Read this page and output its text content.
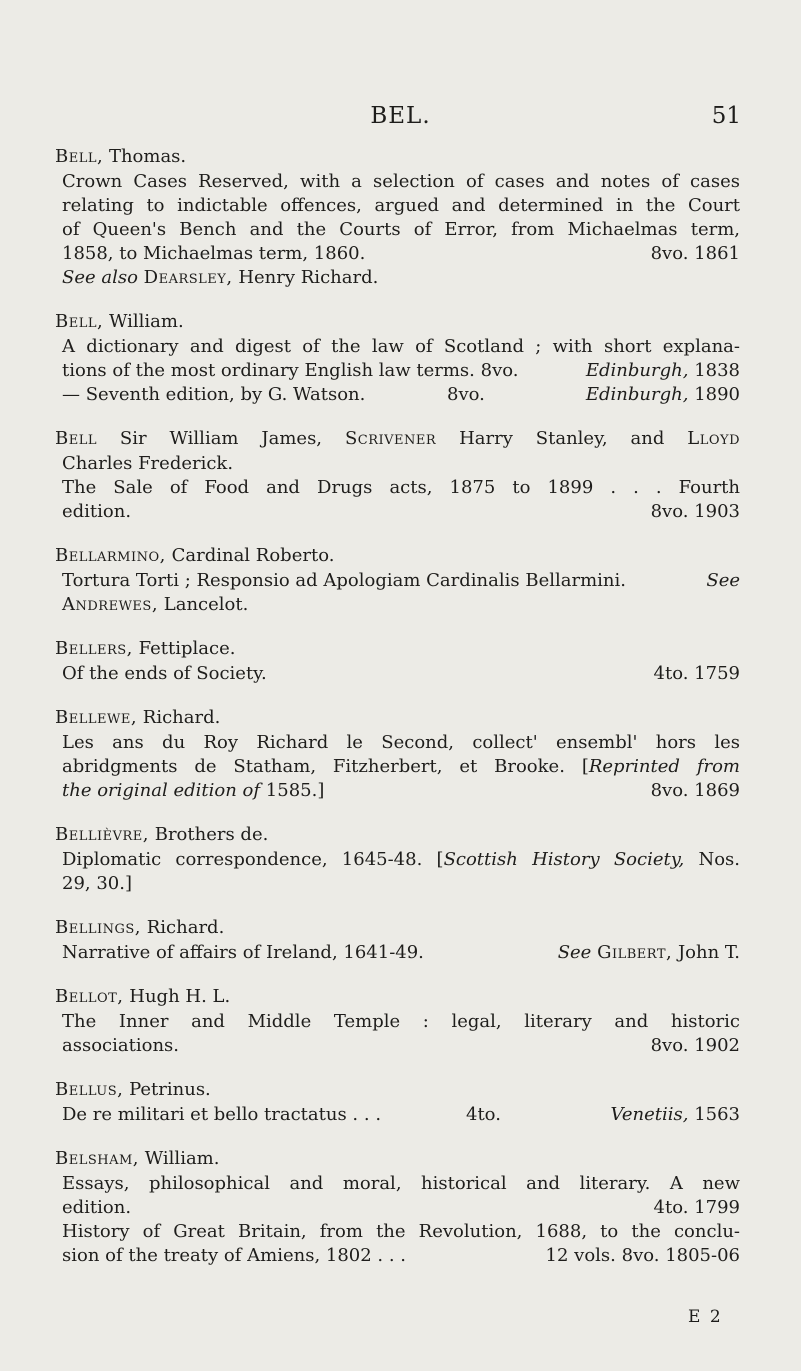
BEL.	51
Bell, Thomas.
Crown Cases Reserved, with a selection of cases and notes of cases
relating to indictable offences, argued and determined in the Court
of Queen's Bench and the Courts of Error, from Michaelmas term,
1858, to Michaelmas term, 1860.	8vo. 1861
See also Dearsley, Henry Richard.
Bell, William.
A dictionary and digest of the law of Scotland ; with short explana-
tions of the most ordinary English law terms. 8vo.	Edinburgh, 1838
— Seventh edition, by G. Watson.	8vo.	Edinburgh, 1890
Bell Sir William James, Scrivener Harry Stanley, and Lloyd
Charles Frederick.
The Sale of Food and Drugs acts, 1875 to 1899 . . . Fourth
edition.	8vo. 1903
Bellarmino, Cardinal Roberto.
Tortura Torti ; Responsio ad Apologiam Cardinalis Bellarmini.	See
Andrewes, Lancelot.
Bellers, Fettiplace.
Of the ends of Society.	4to. 1759
Bellewe, Richard.
Les ans du Roy Richard le Second, collect' ensembl' hors les
abridgments de Statham, Fitzherbert, et Brooke. [Reprinted from
the original edition of 1585.]	8vo. 1869
Bellièvre, Brothers de.
Diplomatic correspondence, 1645-48. [Scottish History Society, Nos.
29, 30.]
Bellings, Richard.
Narrative of affairs of Ireland, 1641-49.	See Gilbert, John T.
Bellot, Hugh H. L.
The Inner and Middle Temple : legal, literary and historic
associations.	8vo. 1902
Bellus, Petrinus.
De re militari et bello tractatus . . .	4to.	Venetiis, 1563
Belsham, William.
Essays, philosophical and moral, historical and literary. A new
edition.	4to. 1799
History of Great Britain, from the Revolution, 1688, to the conclu-
sion of the treaty of Amiens, 1802 . . .	12 vols. 8vo. 1805-06
E 2
